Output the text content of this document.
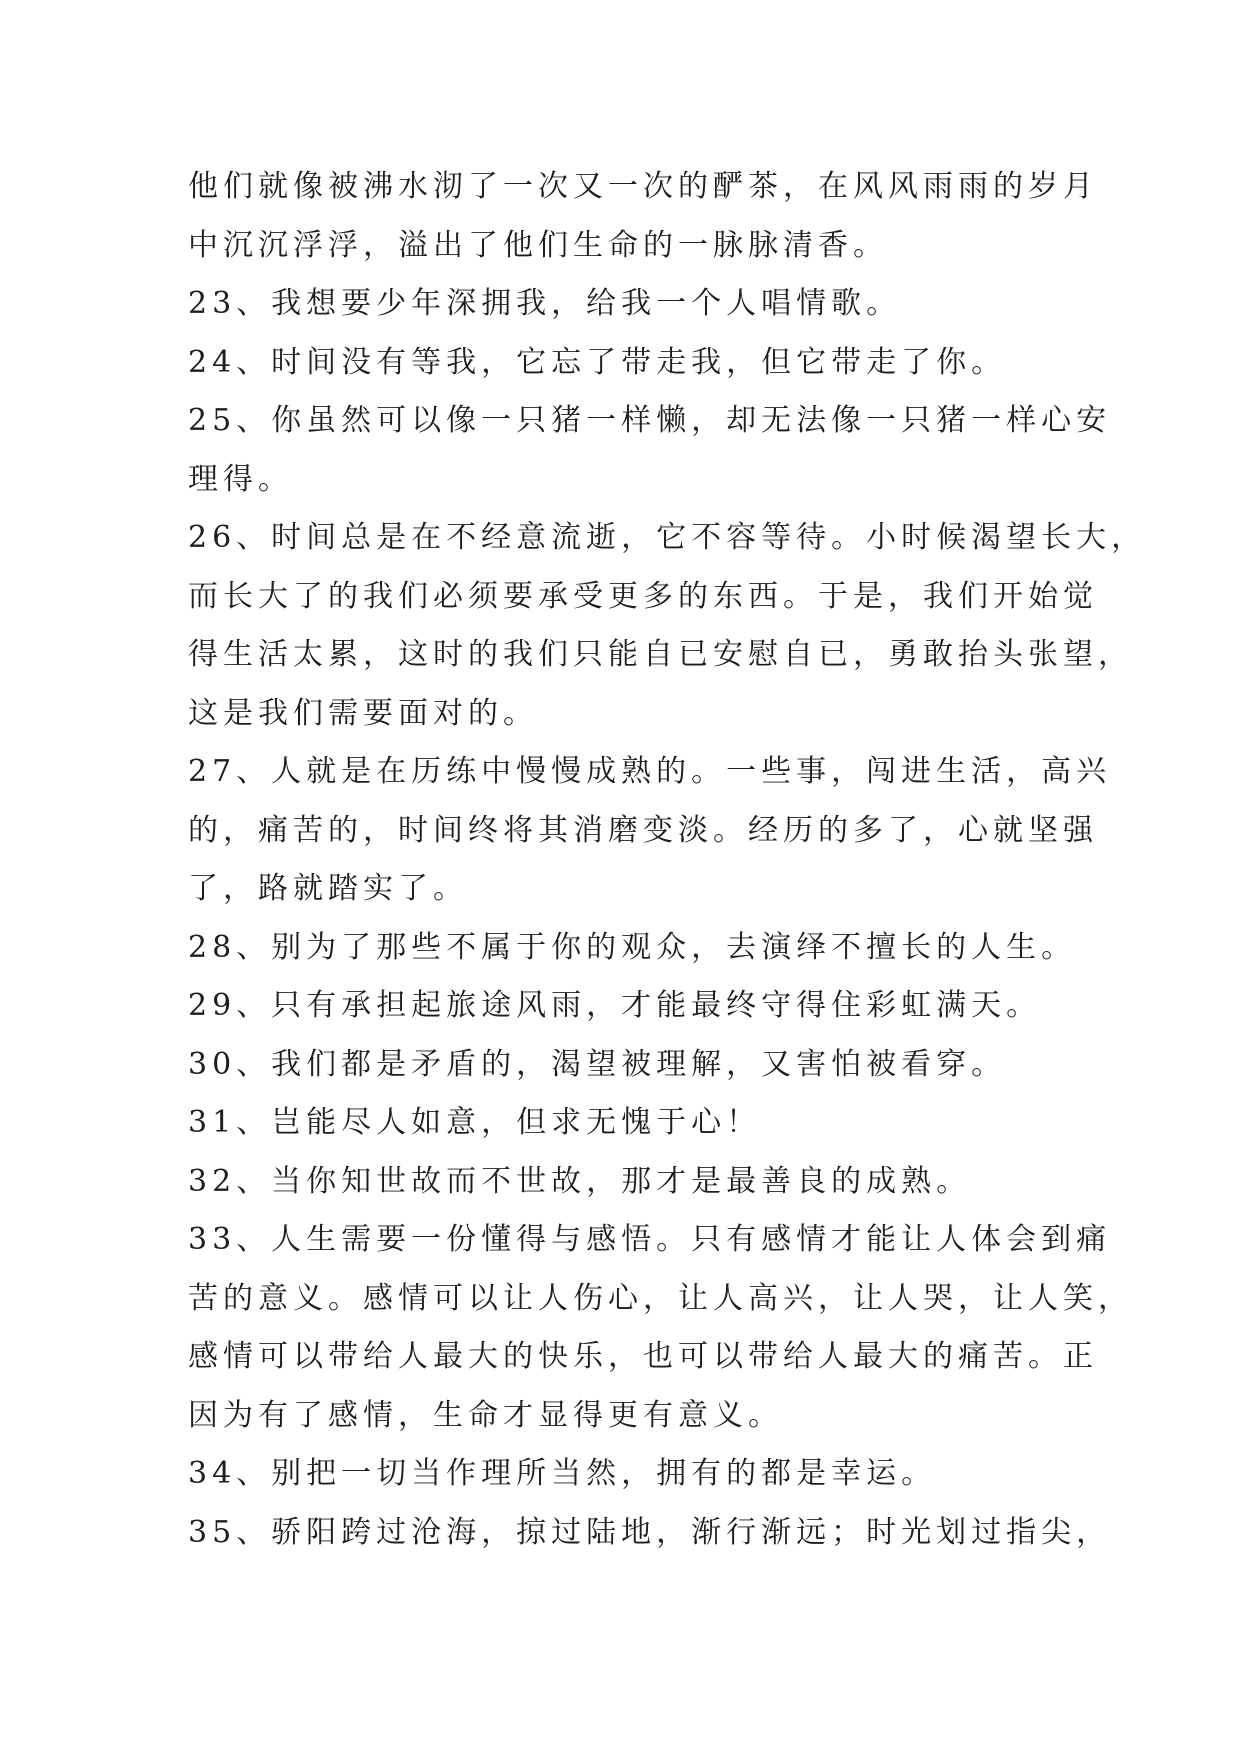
他们就像被沸水沏了一次又一次的酽茶，在风风雨雨的岁月
中沉沉浮浮，溢出了他们生命的一脉脉清香。
23、我想要少年深拥我，给我一个人唱情歌。
24、时间没有等我，它忘了带走我，但它带走了你。
25、你虽然可以像一只猪一样懒，却无法像一只猪一样心安
理得。
26、时间总是在不经意流逝，它不容等待。小时候渴望长大，
而长大了的我们必须要承受更多的东西。于是，我们开始觉
得生活太累，这时的我们只能自已安慰自已，勇敢抬头张望，
这是我们需要面对的。
27、人就是在历练中慢慢成熟的。一些事，闯进生活，高兴
的，痛苦的，时间终将其消磨变淡。经历的多了，心就坚强
了，路就踏实了。
28、别为了那些不属于你的观众，去演绎不擅长的人生。
29、只有承担起旅途风雨，才能最终守得住彩虹满天。
30、我们都是矛盾的，渴望被理解，又害怕被看穿。
31、岂能尽人如意，但求无愧于心！
32、当你知世故而不世故，那才是最善良的成熟。
33、人生需要一份懂得与感悟。只有感情才能让人体会到痛
苦的意义。感情可以让人伤心，让人高兴，让人哭，让人笑，
感情可以带给人最大的快乐，也可以带给人最大的痛苦。正
因为有了感情，生命才显得更有意义。
34、别把一切当作理所当然，拥有的都是幸运。
35、骄阳跨过沧海，掠过陆地，渐行渐远；时光划过指尖，
